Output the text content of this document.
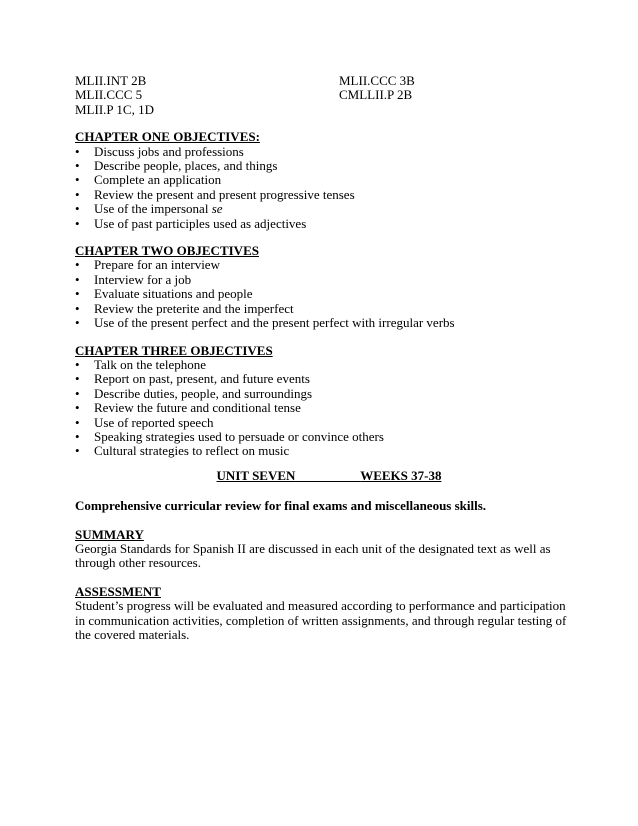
MLII.INT 2B
MLII.CCC 5
MLII.P 1C, 1D
MLII.CCC 3B
CMLLII.P 2B
CHAPTER ONE OBJECTIVES:
• Discuss jobs and professions
• Describe people, places, and things
• Complete an application
• Review the present and present progressive tenses
• Use of the impersonal se
• Use of past participles used as adjectives
CHAPTER TWO OBJECTIVES
• Prepare for an interview
• Interview for a job
• Evaluate situations and people
• Review the preterite and the imperfect
• Use of the present perfect and the present perfect with irregular verbs
CHAPTER THREE OBJECTIVES
• Talk on the telephone
• Report on past, present, and future events
• Describe duties, people, and surroundings
• Review the future and conditional tense
• Use of reported speech
• Speaking strategies used to persuade or convince others
• Cultural strategies to reflect on music
UNIT SEVEN	WEEKS 37-38
Comprehensive curricular review for final exams and miscellaneous skills.
SUMMARY

Georgia Standards for Spanish II are discussed in each unit of the designated text as well as through other resources.

ASSESSMENT

Student’s progress will be evaluated and measured according to performance and participation in communication activities, completion of written assignments, and through regular testing of the covered materials.
